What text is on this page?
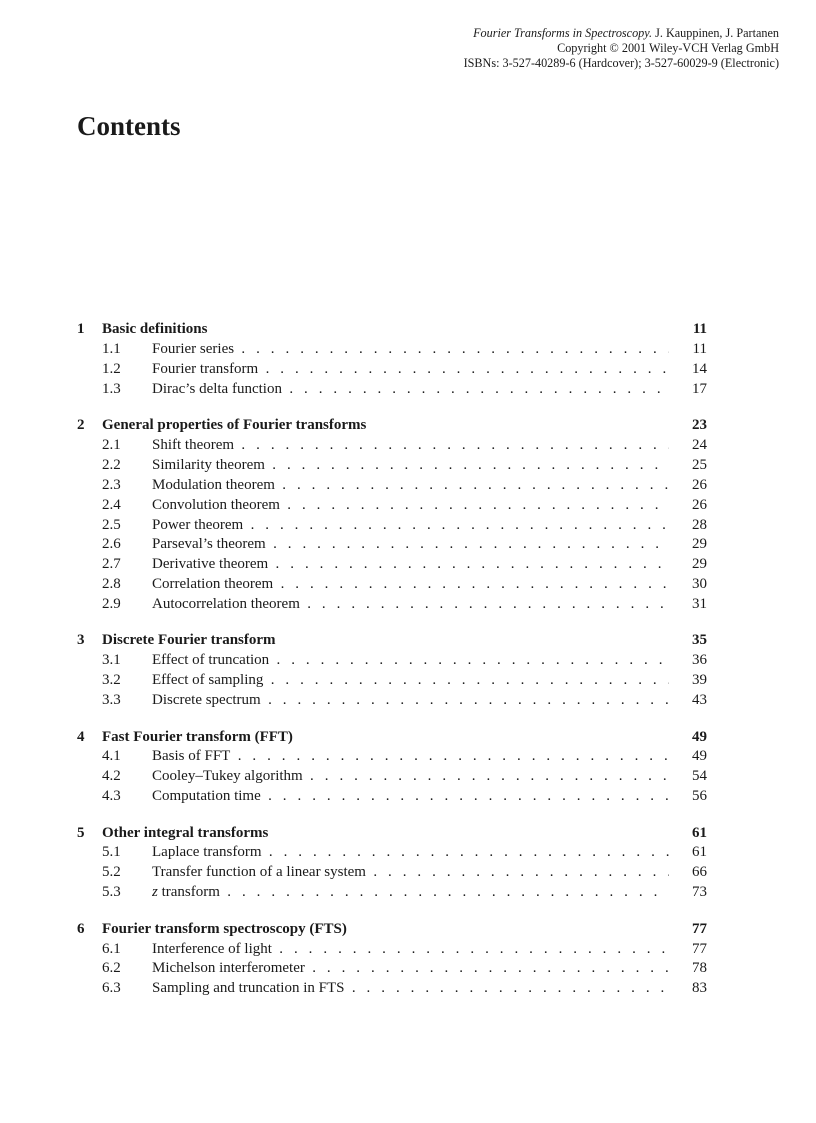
Fourier Transforms in Spectroscopy. J. Kauppinen, J. Partanen
Copyright © 2001 Wiley-VCH Verlag GmbH
ISBNs: 3-527-40289-6 (Hardcover); 3-527-60029-9 (Electronic)
Contents
1 Basic definitions	11
1.1 Fourier series . . .	11
1.2 Fourier transform . . .	14
1.3 Dirac’s delta function . . .	17
2 General properties of Fourier transforms	23
2.1 Shift theorem . . .	24
2.2 Similarity theorem . . .	25
2.3 Modulation theorem . . .	26
2.4 Convolution theorem . . .	26
2.5 Power theorem . . .	28
2.6 Parseval’s theorem . . .	29
2.7 Derivative theorem . . .	29
2.8 Correlation theorem . . .	30
2.9 Autocorrelation theorem . . .	31
3 Discrete Fourier transform	35
3.1 Effect of truncation . . .	36
3.2 Effect of sampling . . .	39
3.3 Discrete spectrum . . .	43
4 Fast Fourier transform (FFT)	49
4.1 Basis of FFT . . .	49
4.2 Cooley–Tukey algorithm . . .	54
4.3 Computation time . . .	56
5 Other integral transforms	61
5.1 Laplace transform . . .	61
5.2 Transfer function of a linear system . . .	66
5.3 z transform . . .	73
6 Fourier transform spectroscopy (FTS)	77
6.1 Interference of light . . .	77
6.2 Michelson interferometer . . .	78
6.3 Sampling and truncation in FTS . . .	83
